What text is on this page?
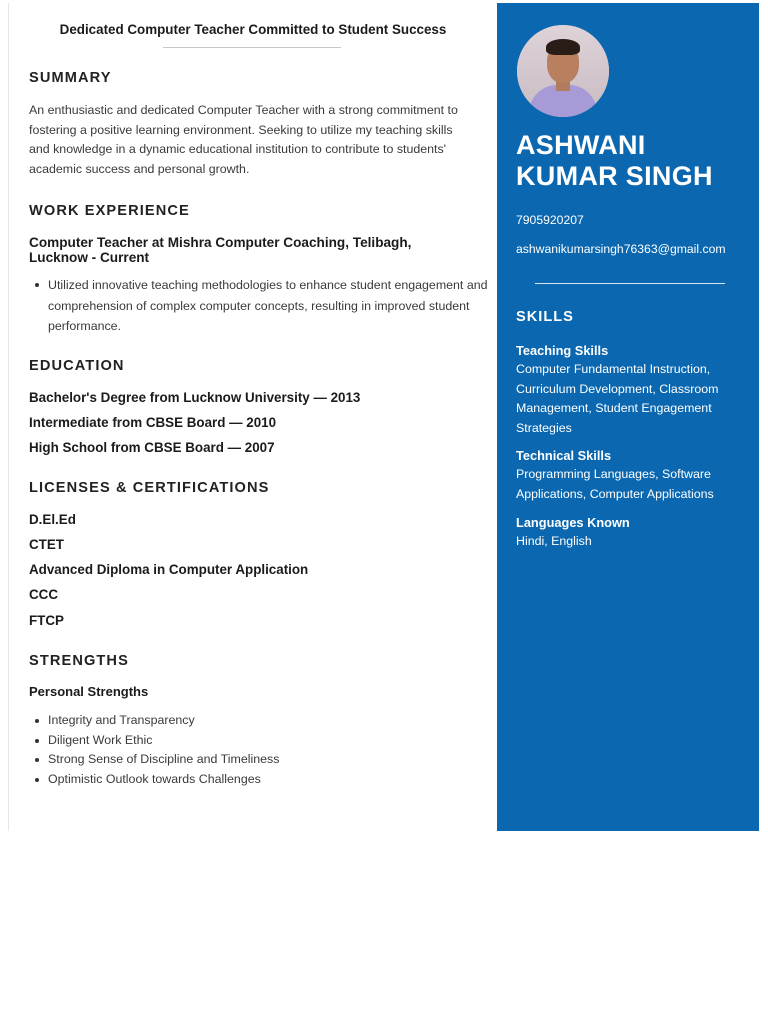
Dedicated Computer Teacher Committed to Student Success
SUMMARY
An enthusiastic and dedicated Computer Teacher with a strong commitment to fostering a positive learning environment. Seeking to utilize my teaching skills and knowledge in a dynamic educational institution to contribute to students' academic success and personal growth.
WORK EXPERIENCE
Computer Teacher at Mishra Computer Coaching, Telibagh, Lucknow - Current
Utilized innovative teaching methodologies to enhance student engagement and comprehension of complex computer concepts, resulting in improved student performance.
EDUCATION
Bachelor's Degree from Lucknow University — 2013
Intermediate from CBSE Board — 2010
High School from CBSE Board — 2007
LICENSES & CERTIFICATIONS
D.El.Ed
CTET
Advanced Diploma in Computer Application
CCC
FTCP
STRENGTHS
Personal Strengths
Integrity and Transparency
Diligent Work Ethic
Strong Sense of Discipline and Timeliness
Optimistic Outlook towards Challenges
ASHWANI
KUMAR SINGH
7905920207
ashwanikumarsingh76363@gmail.com
SKILLS
Teaching Skills
Computer Fundamental Instruction, Curriculum Development, Classroom Management, Student Engagement Strategies
Technical Skills
Programming Languages, Software Applications, Computer Applications
Languages Known
Hindi, English
